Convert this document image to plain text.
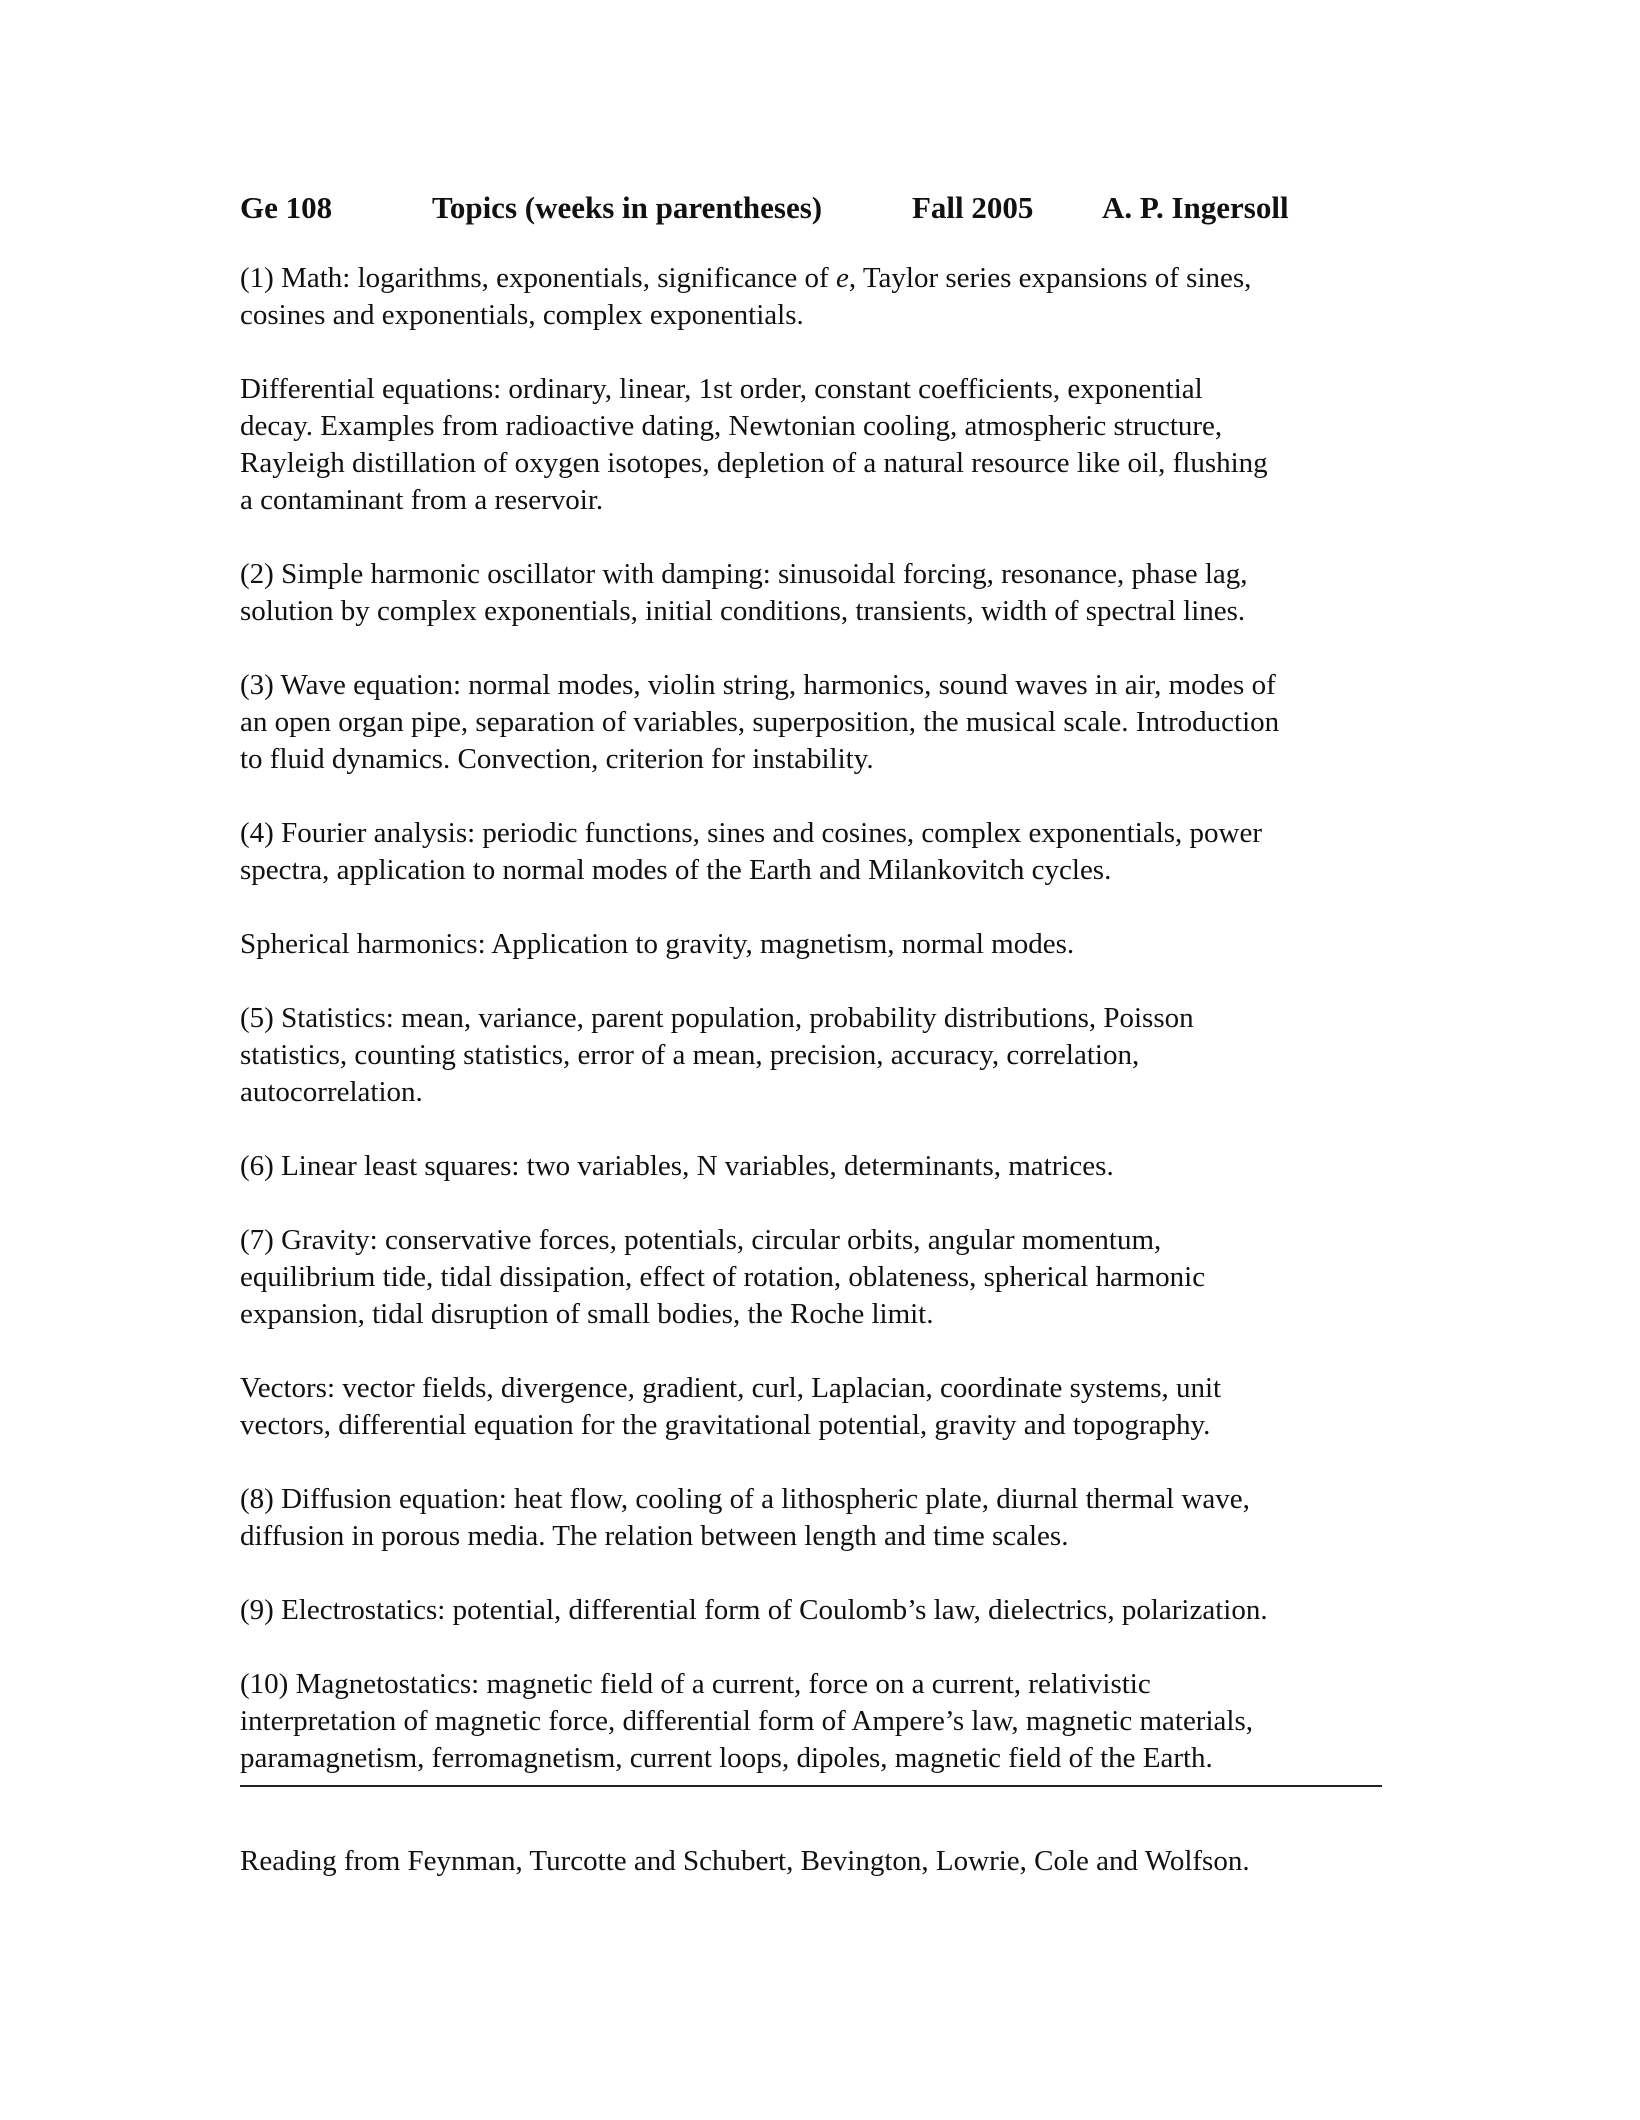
Ge 108	Topics (weeks in parentheses)	Fall 2005 A. P. Ingersoll

(1) Math: logarithms, exponentials, significance of e, Taylor series expansions of sines,
cosines and exponentials, complex exponentials.

Differential equations: ordinary, linear, 1st order, constant coefficients, exponential
decay. Examples from radioactive dating, Newtonian cooling, atmospheric structure,
Rayleigh distillation of oxygen isotopes, depletion of a natural resource like oil, flushing
a contaminant from a reservoir.

(2) Simple harmonic oscillator with damping: sinusoidal forcing, resonance, phase lag,
solution by complex exponentials, initial conditions, transients, width of spectral lines.

(3) Wave equation: normal modes, violin string, harmonics, sound waves in air, modes of
an open organ pipe, separation of variables, superposition, the musical scale. Introduction
to fluid dynamics. Convection, criterion for instability.

(4) Fourier analysis: periodic functions, sines and cosines, complex exponentials, power
spectra, application to normal modes of the Earth and Milankovitch cycles.

Spherical harmonics: Application to gravity, magnetism, normal modes.

(5) Statistics: mean, variance, parent population, probability distributions, Poisson
statistics, counting statistics, error of a mean, precision, accuracy, correlation,
autocorrelation.

(6) Linear least squares: two variables, N variables, determinants, matrices.

(7) Gravity: conservative forces, potentials, circular orbits, angular momentum,
equilibrium tide, tidal dissipation, effect of rotation, oblateness, spherical harmonic
expansion, tidal disruption of small bodies, the Roche limit.

Vectors: vector fields, divergence, gradient, curl, Laplacian, coordinate systems, unit
vectors, differential equation for the gravitational potential, gravity and topography.

(8) Diffusion equation: heat flow, cooling of a lithospheric plate, diurnal thermal wave,
diffusion in porous media. The relation between length and time scales.

(9) Electrostatics: potential, differential form of Coulomb’s law, dielectrics, polarization.

(10) Magnetostatics: magnetic field of a current, force on a current, relativistic
interpretation of magnetic force, differential form of Ampere’s law, magnetic materials,
paramagnetism, ferromagnetism, current loops, dipoles, magnetic field of the Earth.

Reading from Feynman, Turcotte and Schubert, Bevington, Lowrie, Cole and Wolfson.
